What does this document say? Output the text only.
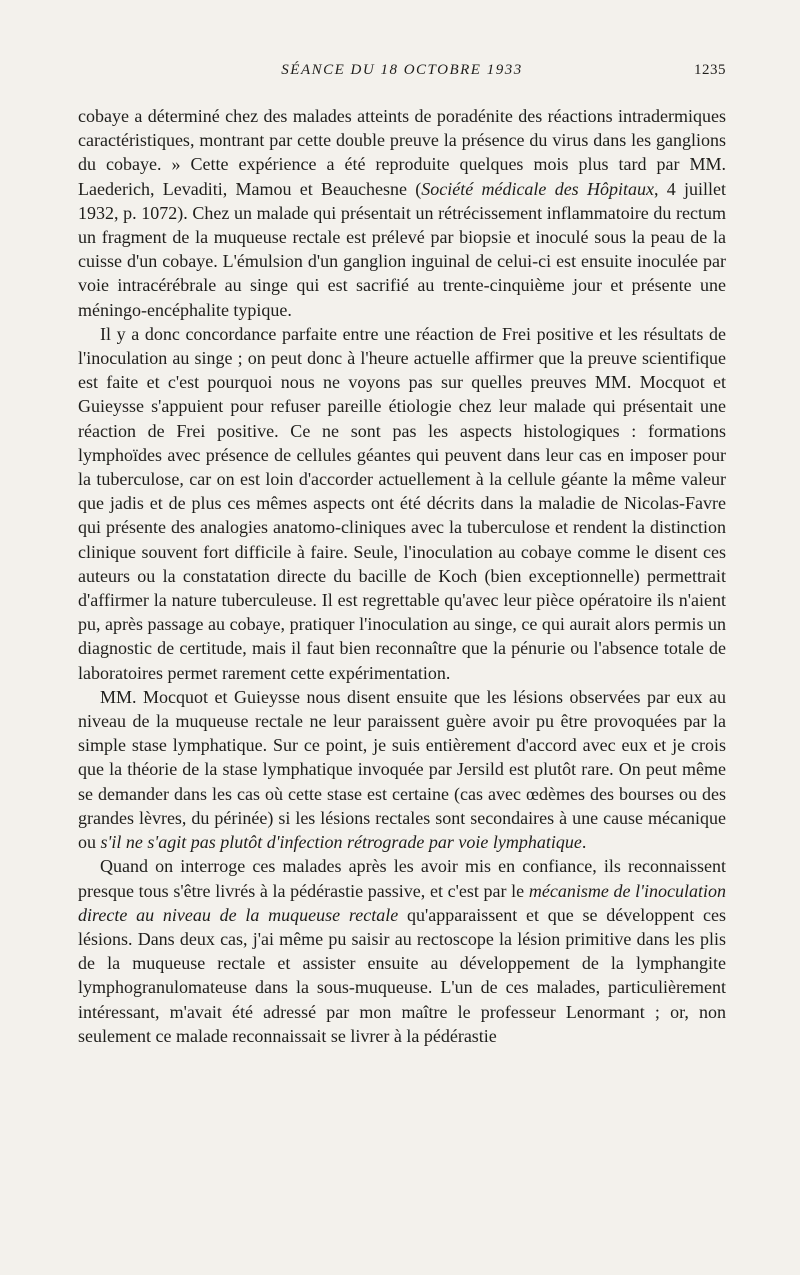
SÉANCE DU 18 OCTOBRE 1933	1235

cobaye a déterminé chez des malades atteints de poradénite des réactions intradermiques caractéristiques, montrant par cette double preuve la présence du virus dans les ganglions du cobaye. » Cette expérience a été reproduite quelques mois plus tard par MM. Laederich, Levaditi, Mamou et Beauchesne (Société médicale des Hôpitaux, 4 juillet 1932, p. 1072). Chez un malade qui présentait un rétrécissement inflammatoire du rectum un fragment de la muqueuse rectale est prélevé par biopsie et inoculé sous la peau de la cuisse d'un cobaye. L'émulsion d'un ganglion inguinal de celui-ci est ensuite inoculée par voie intracérébrale au singe qui est sacrifié au trente-cinquième jour et présente une méningo-encéphalite typique.

Il y a donc concordance parfaite entre une réaction de Frei positive et les résultats de l'inoculation au singe ; on peut donc à l'heure actuelle affirmer que la preuve scientifique est faite et c'est pourquoi nous ne voyons pas sur quelles preuves MM. Mocquot et Guieysse s'appuient pour refuser pareille étiologie chez leur malade qui présentait une réaction de Frei positive. Ce ne sont pas les aspects histologiques : formations lymphoïdes avec présence de cellules géantes qui peuvent dans leur cas en imposer pour la tuberculose, car on est loin d'accorder actuellement à la cellule géante la même valeur que jadis et de plus ces mêmes aspects ont été décrits dans la maladie de Nicolas-Favre qui présente des analogies anatomo-cliniques avec la tuberculose et rendent la distinction clinique souvent fort difficile à faire. Seule, l'inoculation au cobaye comme le disent ces auteurs ou la constatation directe du bacille de Koch (bien exceptionnelle) permettrait d'affirmer la nature tuberculeuse. Il est regrettable qu'avec leur pièce opératoire ils n'aient pu, après passage au cobaye, pratiquer l'inoculation au singe, ce qui aurait alors permis un diagnostic de certitude, mais il faut bien reconnaître que la pénurie ou l'absence totale de laboratoires permet rarement cette expérimentation.

MM. Mocquot et Guieysse nous disent ensuite que les lésions observées par eux au niveau de la muqueuse rectale ne leur paraissent guère avoir pu être provoquées par la simple stase lymphatique. Sur ce point, je suis entièrement d'accord avec eux et je crois que la théorie de la stase lymphatique invoquée par Jersild est plutôt rare. On peut même se demander dans les cas où cette stase est certaine (cas avec œdèmes des bourses ou des grandes lèvres, du périnée) si les lésions rectales sont secondaires à une cause mécanique ou s'il ne s'agit pas plutôt d'infection rétrograde par voie lymphatique.

Quand on interroge ces malades après les avoir mis en confiance, ils reconnaissent presque tous s'être livrés à la pédérastie passive, et c'est par le mécanisme de l'inoculation directe au niveau de la muqueuse rectale qu'apparaissent et que se développent ces lésions. Dans deux cas, j'ai même pu saisir au rectoscope la lésion primitive dans les plis de la muqueuse rectale et assister ensuite au développement de la lymphangite lymphogranulomateuse dans la sous-muqueuse. L'un de ces malades, particulièrement intéressant, m'avait été adressé par mon maître le professeur Lenormant ; or, non seulement ce malade reconnaissait se livrer à la pédérastie
